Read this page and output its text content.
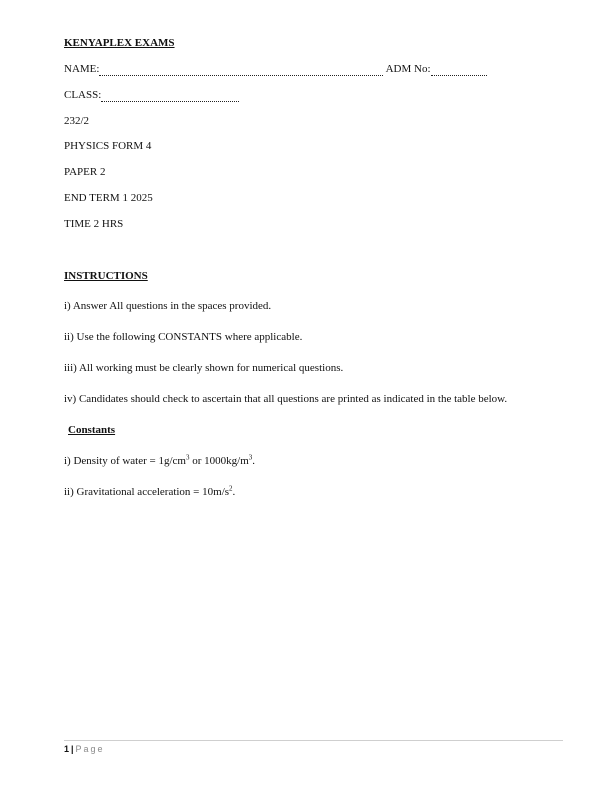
KENYAPLEX EXAMS
NAME:	ADM No:
CLASS:
232/2
PHYSICS FORM 4
PAPER 2
END TERM 1 2025
TIME 2 HRS
INSTRUCTIONS
i) Answer All questions in the spaces provided.
ii) Use the following CONSTANTS where applicable.
iii) All working must be clearly shown for numerical questions.
iv) Candidates should check to ascertain that all questions are printed as indicated in the table below.
Constants
i) Density of water = $1g/cm^3$ or $1000kg/m^3$.
ii) Gravitational acceleration = $10m/s^2$.
1 | Page
